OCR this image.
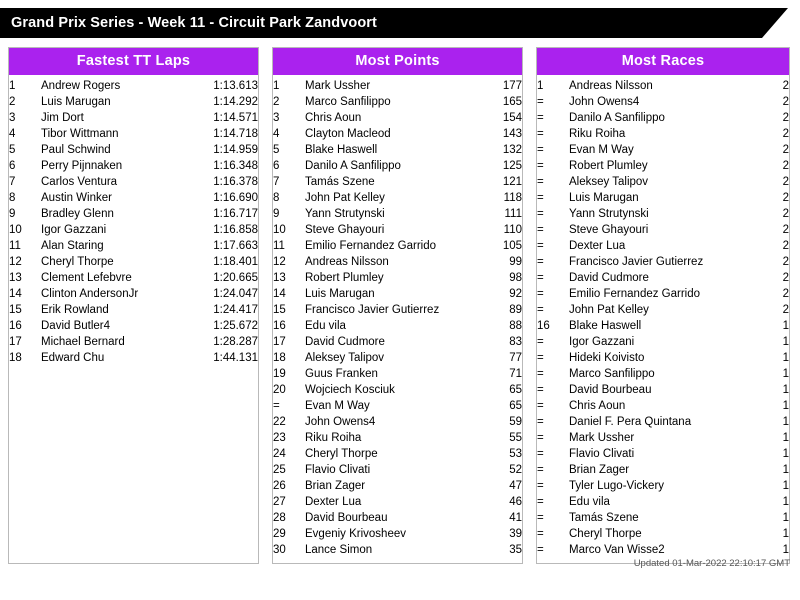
Grand Prix Series - Week 11 - Circuit Park Zandvoort
Fastest TT Laps
1	Andrew Rogers	1:13.613
2	Luis Marugan	1:14.292
3	Jim Dort	1:14.571
4	Tibor Wittmann	1:14.718
5	Paul Schwind	1:14.959
6	Perry Pijnnaken	1:16.348
7	Carlos Ventura	1:16.378
8	Austin Winker	1:16.690
9	Bradley Glenn	1:16.717
10	Igor Gazzani	1:16.858
11	Alan Staring	1:17.663
12	Cheryl Thorpe	1:18.401
13	Clement Lefebvre	1:20.665
14	Clinton AndersonJr	1:24.047
15	Erik Rowland	1:24.417
16	David Butler4	1:25.672
17	Michael Bernard	1:28.287
18	Edward Chu	1:44.131
Most Points
1	Mark Ussher	177
2	Marco Sanfilippo	165
3	Chris Aoun	154
4	Clayton Macleod	143
5	Blake Haswell	132
6	Danilo A Sanfilippo	125
7	Tamás Szene	121
8	John Pat Kelley	118
9	Yann Strutynski	111
10	Steve Ghayouri	110
11	Emilio Fernandez Garrido	105
12	Andreas Nilsson	99
13	Robert Plumley	98
14	Luis Marugan	92
15	Francisco Javier Gutierrez	89
16	Edu vila	88
17	David Cudmore	83
18	Aleksey Talipov	77
19	Guus Franken	71
20	Wojciech Kosciuk	65
=	Evan M Way	65
22	John Owens4	59
23	Riku Roiha	55
24	Cheryl Thorpe	53
25	Flavio Clivati	52
26	Brian Zager	47
27	Dexter Lua	46
28	David Bourbeau	41
29	Evgeniy Krivosheev	39
30	Lance Simon	35
Most Races
1	Andreas Nilsson	2
=	John Owens4	2
=	Danilo A Sanfilippo	2
=	Riku Roiha	2
=	Evan M Way	2
=	Robert Plumley	2
=	Aleksey Talipov	2
=	Luis Marugan	2
=	Yann Strutynski	2
=	Steve Ghayouri	2
=	Dexter Lua	2
=	Francisco Javier Gutierrez	2
=	David Cudmore	2
=	Emilio Fernandez Garrido	2
=	John Pat Kelley	2
16	Blake Haswell	1
=	Igor Gazzani	1
=	Hideki Koivisto	1
=	Marco Sanfilippo	1
=	David Bourbeau	1
=	Chris Aoun	1
=	Daniel F. Pera Quintana	1
=	Mark Ussher	1
=	Flavio Clivati	1
=	Brian Zager	1
=	Tyler Lugo-Vickery	1
=	Edu vila	1
=	Tamás Szene	1
=	Cheryl Thorpe	1
=	Marco Van Wisse2	1
Updated 01-Mar-2022 22:10:17 GMT
